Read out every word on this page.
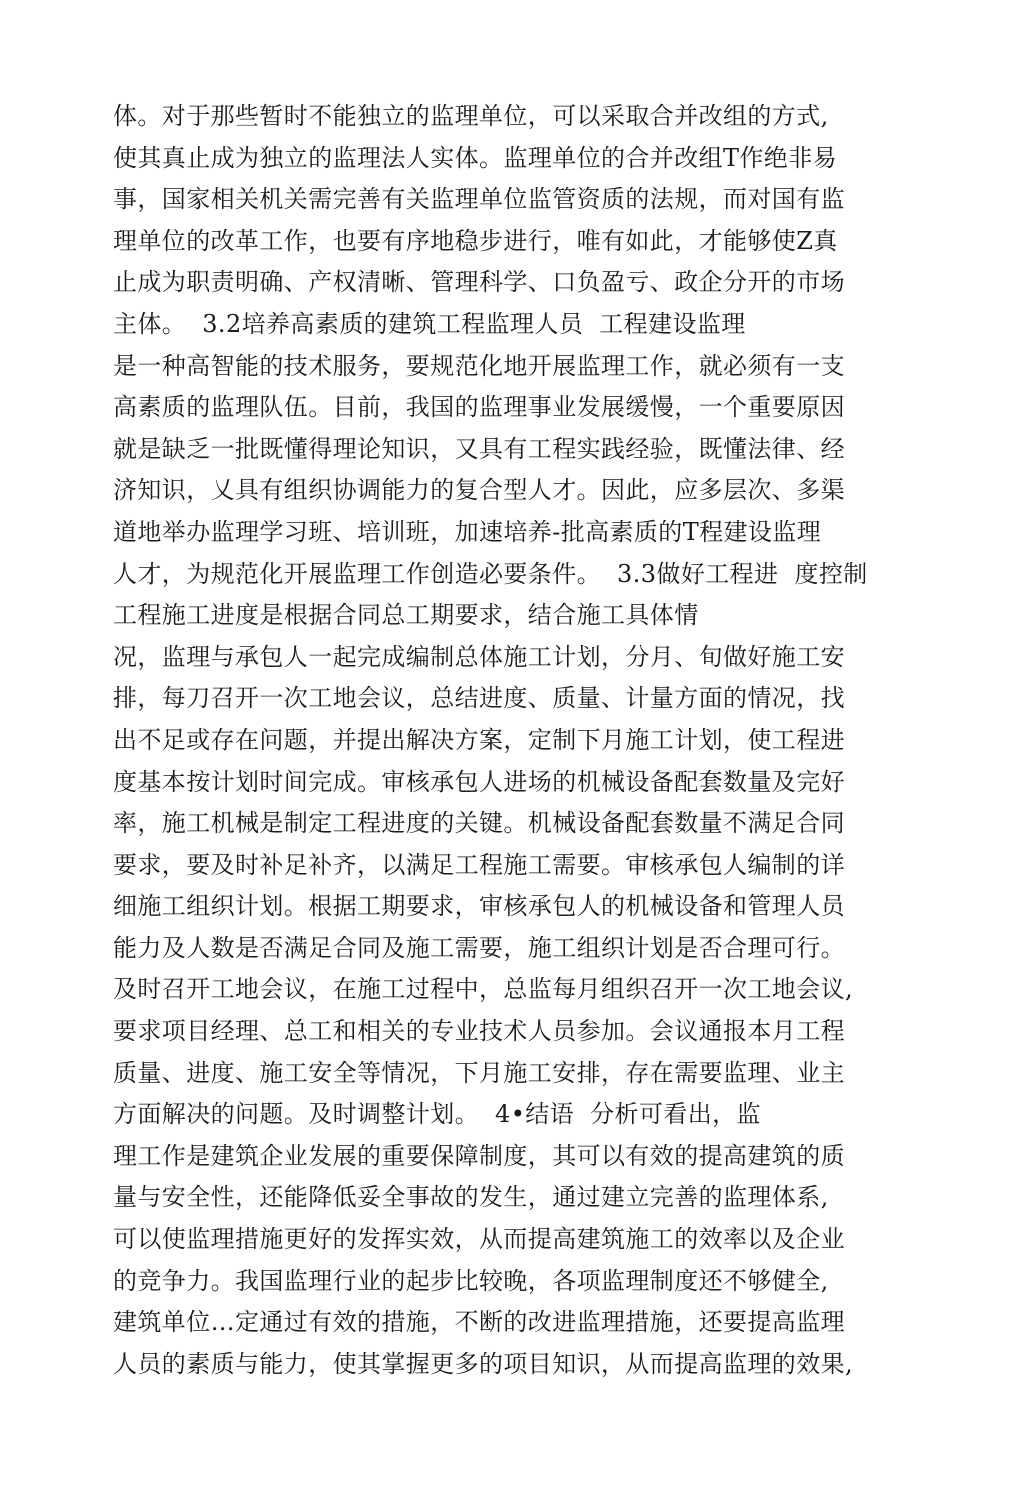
体。对于那些暂时不能独立的监理单位，可以采取合并改组的方式,
使其真止成为独立的监理法人实体。监理单位的合并改组T作绝非易
事，国家相关机关需完善有关监理单位监管资质的法规，而对国有监
理单位的改革工作，也要有序地稳步进行，唯有如此，才能够使Z真
止成为职责明确、产权清晰、管理科学、口负盈亏、政企分开的市场
主体。  3.2培养高素质的建筑工程监理人员  工程建设监理
是一种高智能的技术服务，要规范化地开展监理工作，就必须有一支
高素质的监理队伍。目前，我国的监理事业发展缓慢，一个重要原因
就是缺乏一批既懂得理论知识，又具有工程实践经验，既懂法律、经
济知识，乂具有组织协调能力的复合型人才。因此，应多层次、多渠
道地举办监理学习班、培训班，加速培养-批高素质的T程建设监理
人才，为规范化开展监理工作创造必要条件。  3.3做好工程进  度控制
工程施工进度是根据合同总工期要求，结合施工具体情
况，监理与承包人一起完成编制总体施工计划，分月、旬做好施工安
排，每刀召开一次工地会议，总结进度、质量、计量方面的情况，找
出不足或存在问题，并提出解决方案，定制下月施工计划，使工程进
度基本按计划时间完成。审核承包人进场的机械设备配套数量及完好
率，施工机械是制定工程进度的关键。机械设备配套数量不满足合同
要求，要及时补足补齐，以满足工程施工需要。审核承包人编制的详
细施工组织计划。根据工期要求，审核承包人的机械设备和管理人员
能力及人数是否满足合同及施工需要，施工组织计划是否合理可行。
及时召开工地会议，在施工过程中，总监每月组织召开一次工地会议,
要求项目经理、总工和相关的专业技术人员参加。会议通报本月工程
质量、进度、施工安全等情况，下月施工安排，存在需要监理、业主
方面解决的问题。及时调整计划。  4•结语  分析可看出，监
理工作是建筑企业发展的重要保障制度，其可以有效的提高建筑的质
量与安全性，还能降低妥全事故的发生，通过建立完善的监理体系,
可以使监理措施更好的发挥实效，从而提高建筑施工的效率以及企业
的竞争力。我国监理行业的起步比较晚，各项监理制度还不够健全,
建筑单位…定通过有效的措施，不断的改进监理措施，还要提高监理
人员的素质与能力，使其掌握更多的项目知识，从而提高监理的效果,
